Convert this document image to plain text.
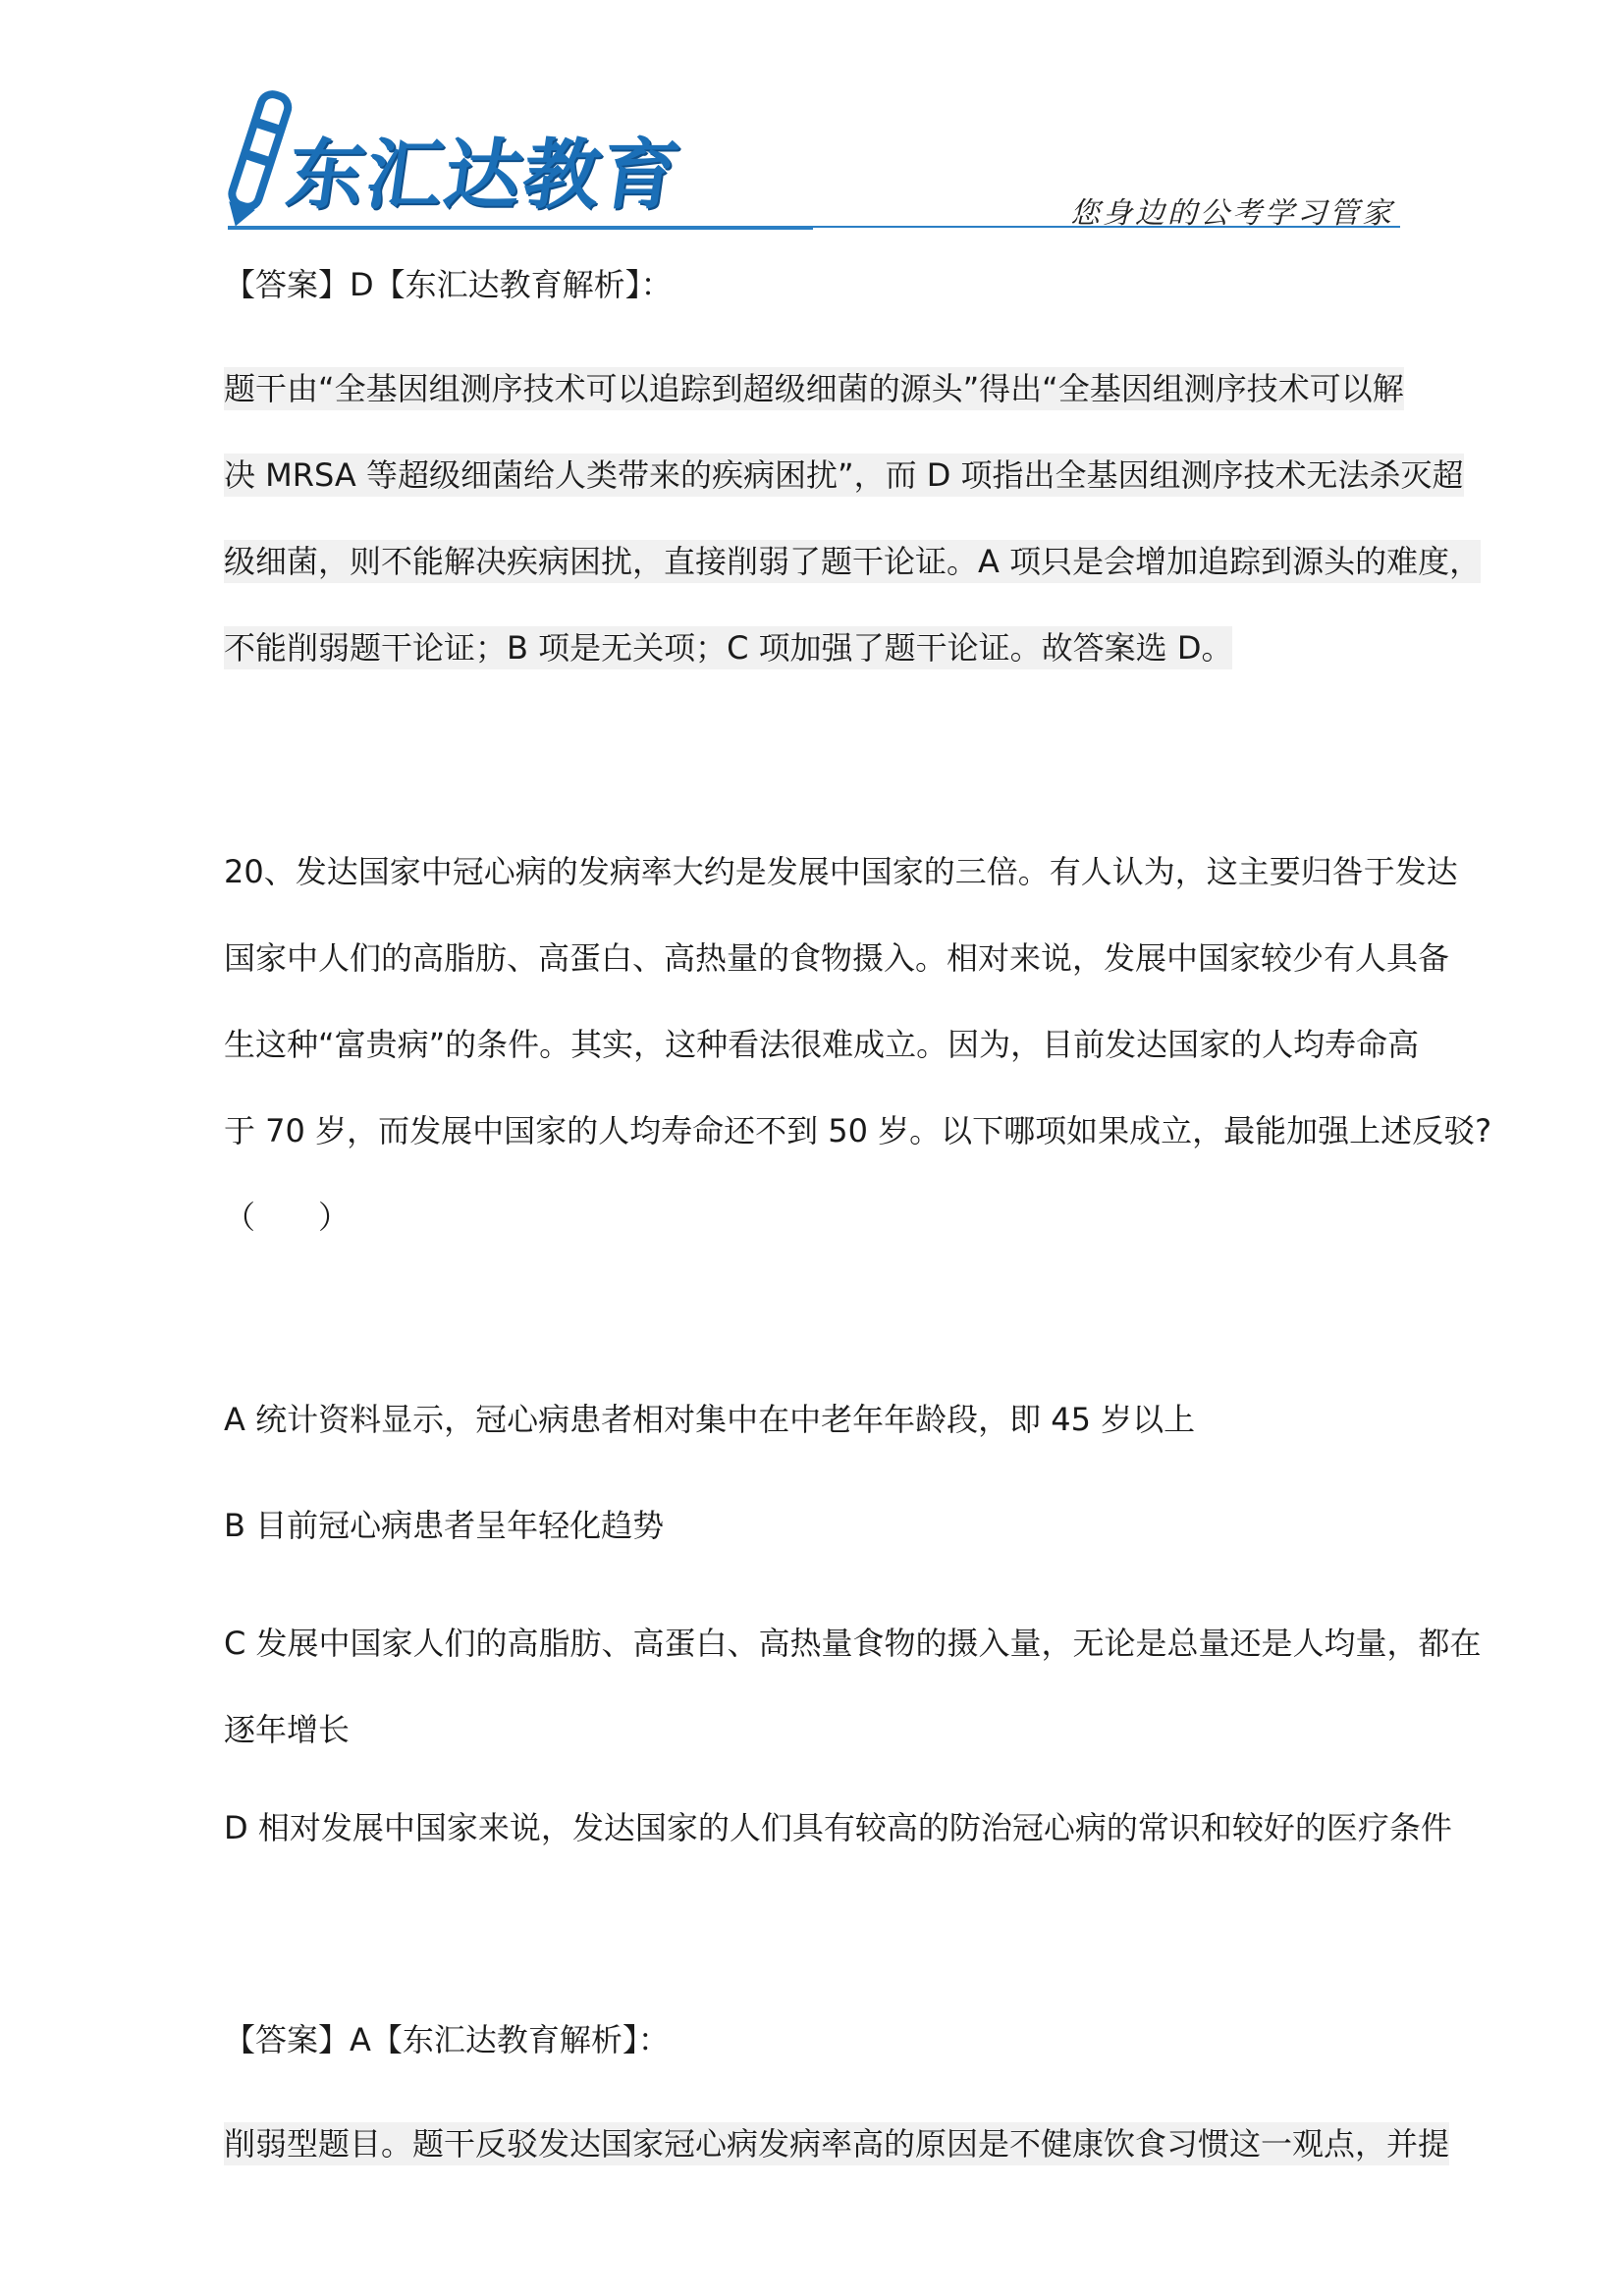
东汇达教育	您身边的公考学习管家
【答案】D【东汇达教育解析】：
题干由“全基因组测序技术可以追踪到超级细菌的源头”得出“全基因组测序技术可以解
决 MRSA 等超级细菌给人类带来的疾病困扰”，而 D 项指出全基因组测序技术无法杀灭超
级细菌，则不能解决疾病困扰，直接削弱了题干论证。A 项只是会增加追踪到源头的难度，
不能削弱题干论证；B 项是无关项；C 项加强了题干论证。故答案选 D。
20、发达国家中冠心病的发病率大约是发展中国家的三倍。有人认为，这主要归咎于发达
国家中人们的高脂肪、高蛋白、高热量的食物摄入。相对来说，发展中国家较少有人具备
生这种“富贵病”的条件。其实，这种看法很难成立。因为，目前发达国家的人均寿命高
于 70 岁，而发展中国家的人均寿命还不到 50 岁。以下哪项如果成立，最能加强上述反驳?
（　　）
A 统计资料显示，冠心病患者相对集中在中老年年龄段，即 45 岁以上
B 目前冠心病患者呈年轻化趋势
C 发展中国家人们的高脂肪、高蛋白、高热量食物的摄入量，无论是总量还是人均量，都在
逐年增长
D 相对发展中国家来说，发达国家的人们具有较高的防治冠心病的常识和较好的医疗条件
【答案】A【东汇达教育解析】：
削弱型题目。题干反驳发达国家冠心病发病率高的原因是不健康饮食习惯这一观点，并提
